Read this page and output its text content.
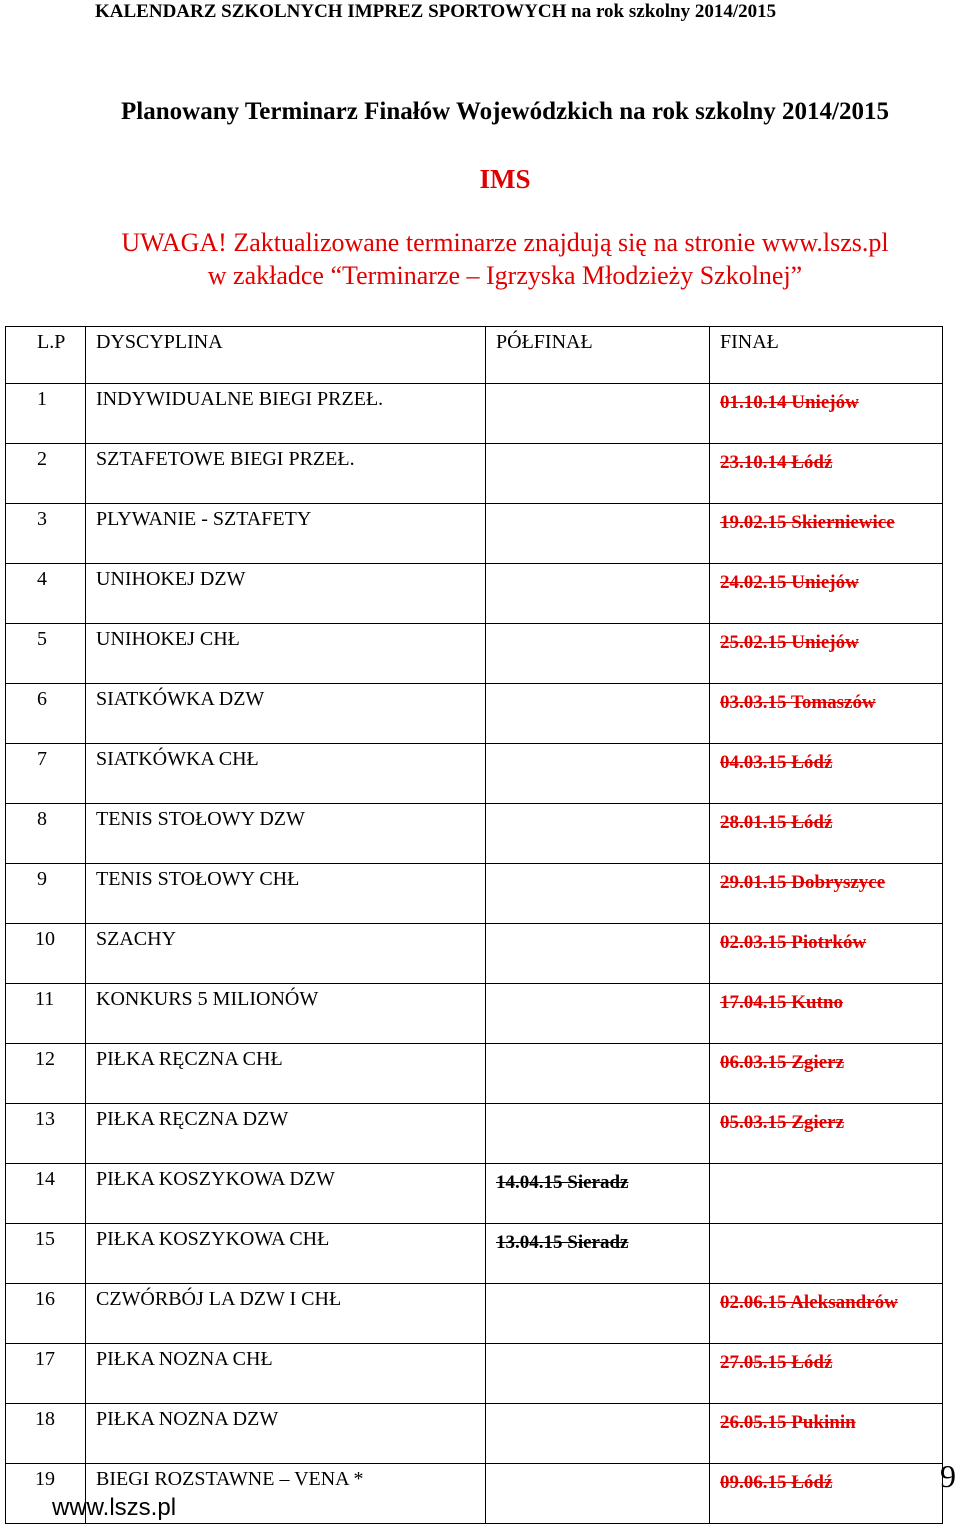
KALENDARZ SZKOLNYCH IMPREZ SPORTOWYCH na rok szkolny 2014/2015
Planowany Terminarz Finałów Wojewódzkich na rok szkolny 2014/2015
IMS
UWAGA! Zaktualizowane terminarze znajdują się na stronie www.lszs.pl
w zakładce “Terminarze – Igrzyska Młodzieży Szkolnej”
L.P	DYSCYPLINA	PÓŁFINAŁ	FINAŁ
1	INDYWIDUALNE BIEGI PRZEŁ.		01.10.14 Uniejów
2	SZTAFETOWE BIEGI PRZEŁ.		23.10.14 Łódź
3	PLYWANIE - SZTAFETY		19.02.15 Skierniewice
4	UNIHOKEJ DZW		24.02.15 Uniejów
5	UNIHOKEJ CHŁ		25.02.15 Uniejów
6	SIATKÓWKA DZW		03.03.15 Tomaszów
7	SIATKÓWKA CHŁ		04.03.15 Łódź
8	TENIS STOŁOWY DZW		28.01.15 Łódź
9	TENIS STOŁOWY CHŁ		29.01.15 Dobryszyce
10	SZACHY		02.03.15 Piotrków
11	KONKURS 5 MILIONÓW		17.04.15 Kutno
12	PIŁKA RĘCZNA CHŁ		06.03.15 Zgierz
13	PIŁKA RĘCZNA DZW		05.03.15 Zgierz
14	PIŁKA KOSZYKOWA DZW	14.04.15 Sieradz	
15	PIŁKA KOSZYKOWA CHŁ	13.04.15 Sieradz	
16	CZWÓRBÓJ LA DZW I CHŁ		02.06.15 Aleksandrów
17	PIŁKA NOZNA CHŁ		27.05.15 Łódź
18	PIŁKA NOZNA DZW		26.05.15 Pukinin
19	BIEGI ROZSTAWNE – VENA *		09.06.15 Łódź
www.lszs.pl
9
